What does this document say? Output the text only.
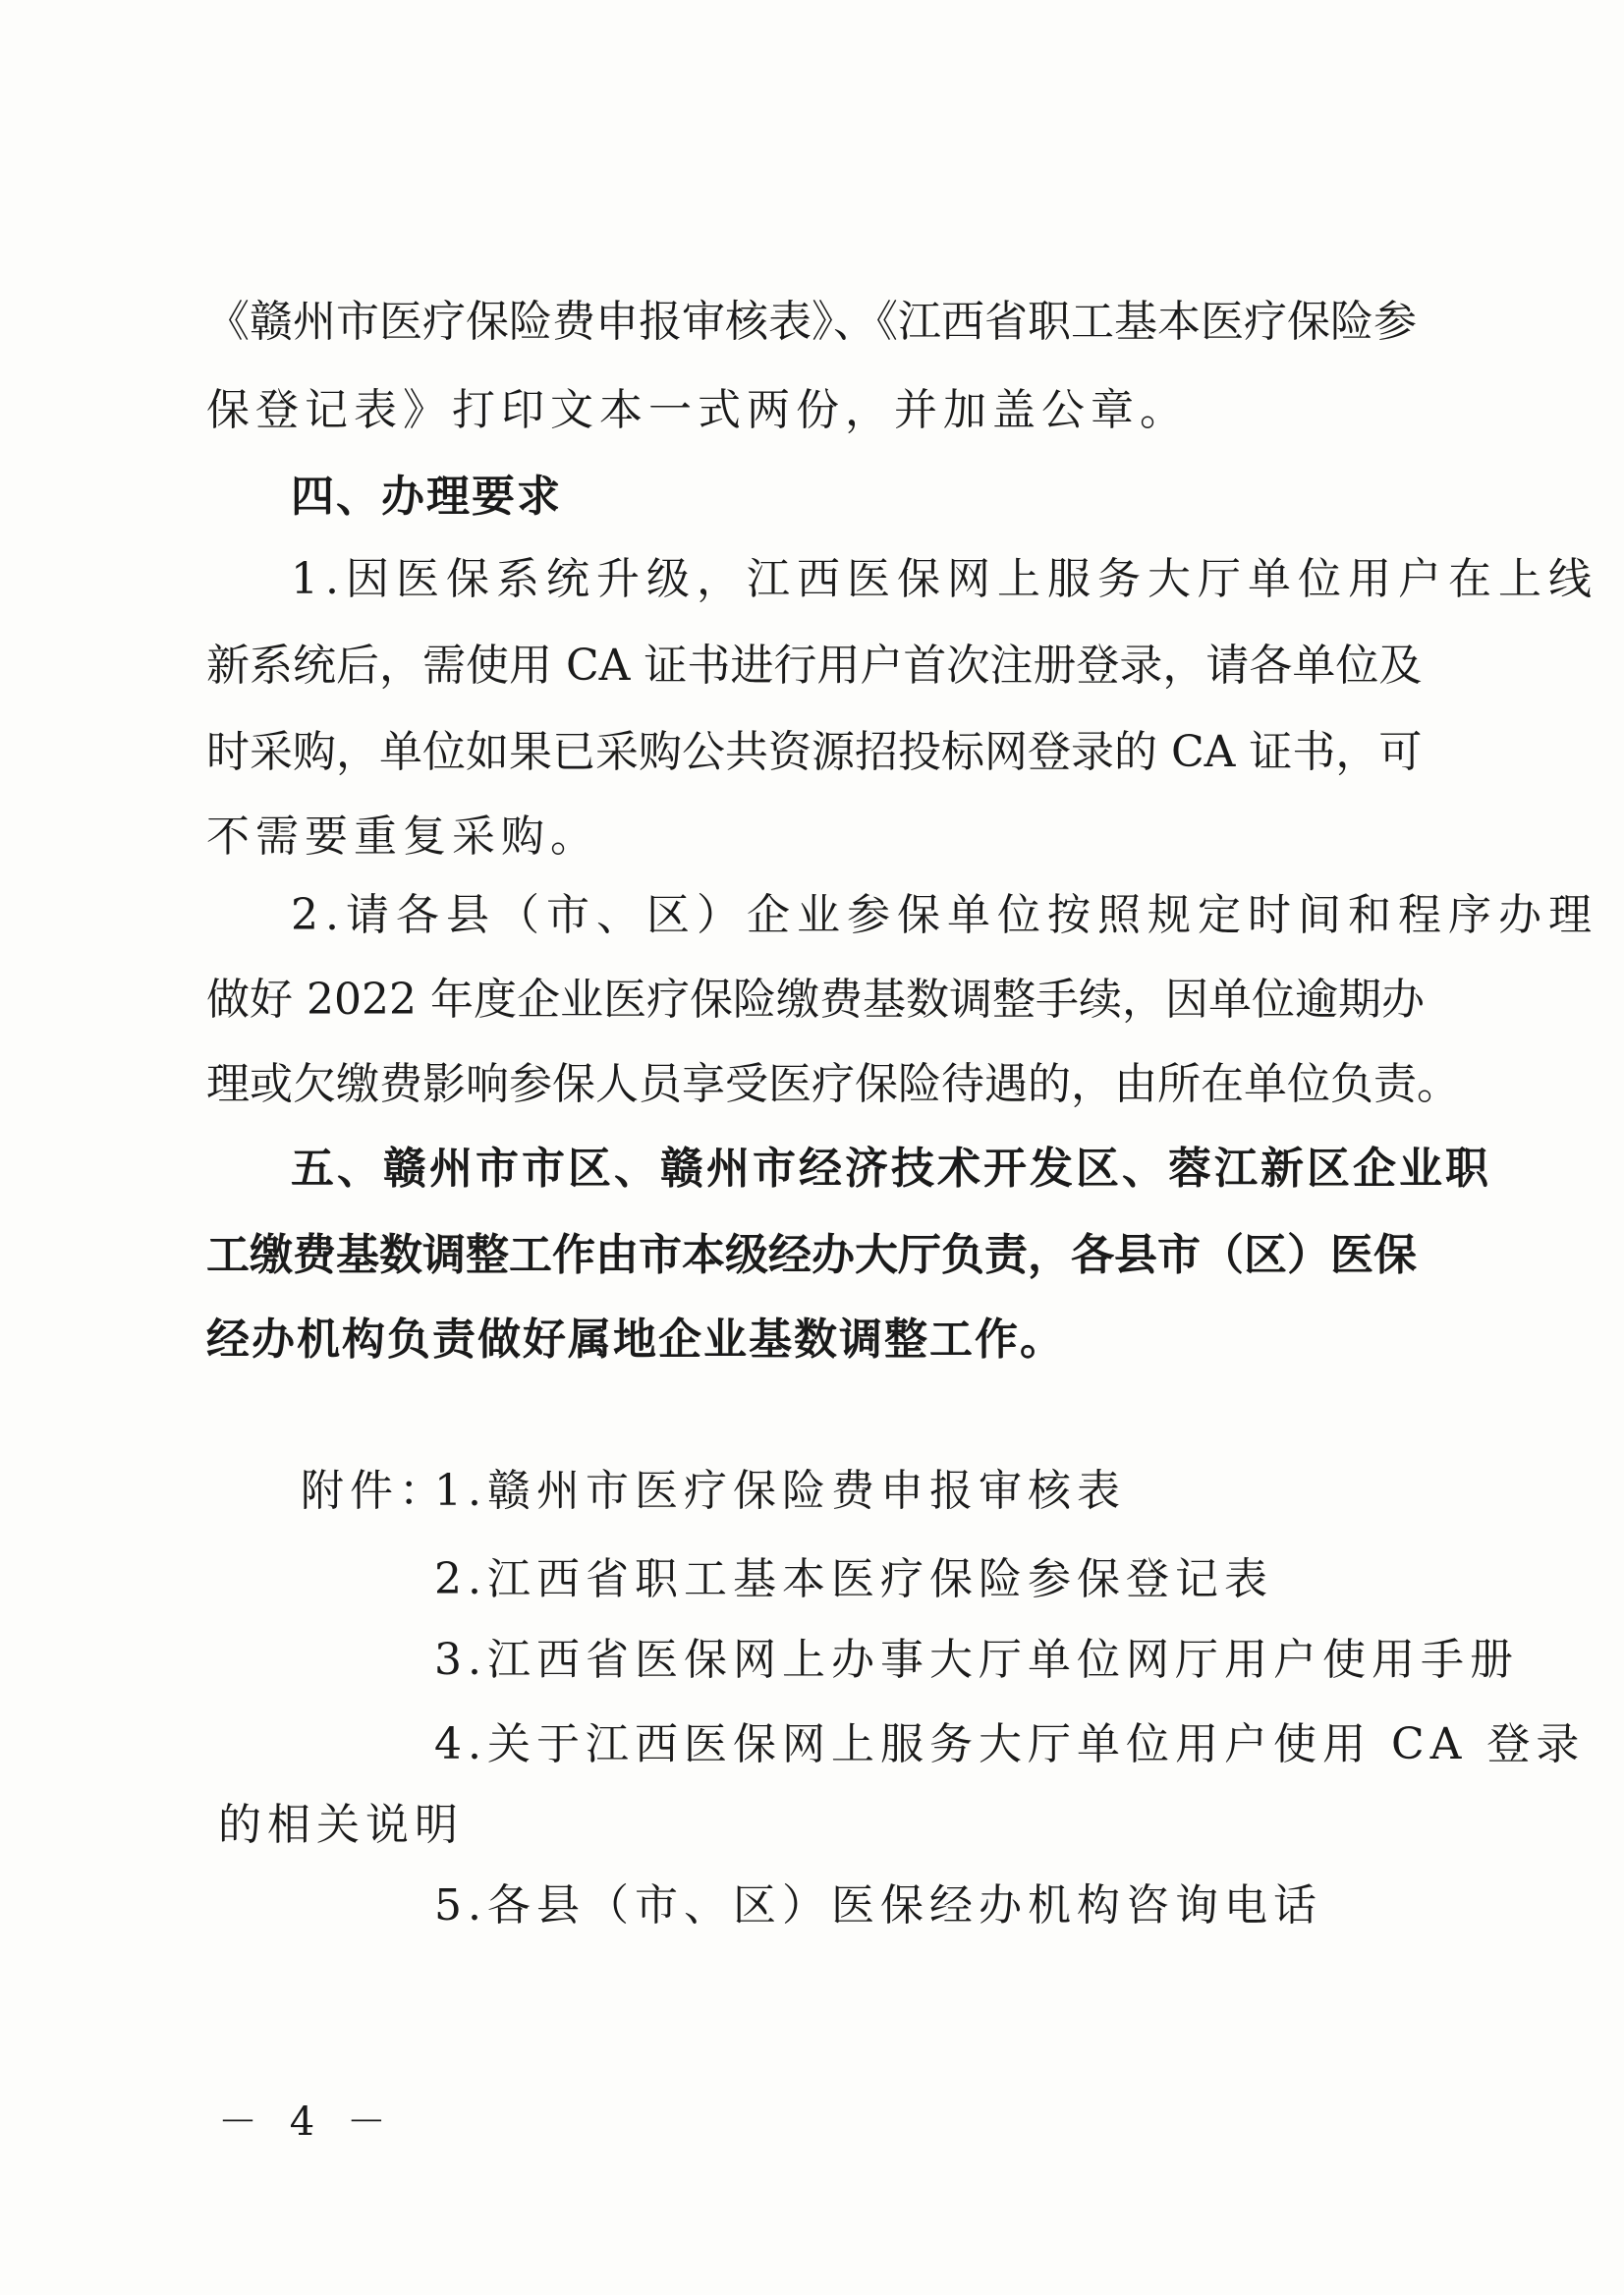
《赣州市医疗保险费申报审核表》、《江西省职工基本医疗保险参
保登记表》打印文本一式两份，并加盖公章。
四、办理要求
1.因医保系统升级，江西医保网上服务大厅单位用户在上线
新系统后，需使用 CA 证书进行用户首次注册登录，请各单位及
时采购，单位如果已采购公共资源招投标网登录的 CA 证书，可
不需要重复采购。
2.请各县（市、区）企业参保单位按照规定时间和程序办理
做好 2022 年度企业医疗保险缴费基数调整手续，因单位逾期办
理或欠缴费影响参保人员享受医疗保险待遇的，由所在单位负责。
五、赣州市市区、赣州市经济技术开发区、蓉江新区企业职
工缴费基数调整工作由市本级经办大厅负责，各县市（区）医保
经办机构负责做好属地企业基数调整工作。
附件：
1.赣州市医疗保险费申报审核表
2.江西省职工基本医疗保险参保登记表
3.江西省医保网上办事大厅单位网厅用户使用手册
4.关于江西医保网上服务大厅单位用户使用 CA 登录
的相关说明
5.各县（市、区）医保经办机构咨询电话
－ 4 －
